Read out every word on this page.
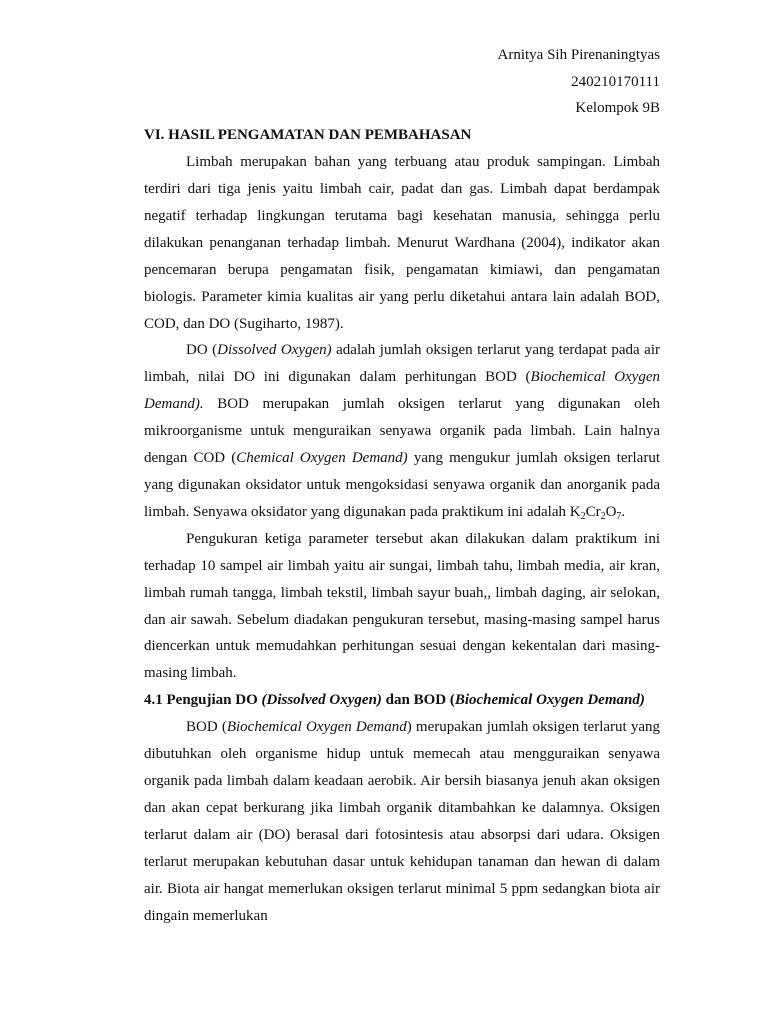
Arnitya Sih Pirenaningtyas
240210170111
Kelompok 9B
VI. HASIL PENGAMATAN DAN PEMBAHASAN

Limbah merupakan bahan yang terbuang atau produk sampingan. Limbah terdiri dari tiga jenis yaitu limbah cair, padat dan gas. Limbah dapat berdampak negatif terhadap lingkungan terutama bagi kesehatan manusia, sehingga perlu dilakukan penanganan terhadap limbah. Menurut Wardhana (2004), indikator akan pencemaran berupa pengamatan fisik, pengamatan kimiawi, dan pengamatan biologis. Parameter kimia kualitas air yang perlu diketahui antara lain adalah BOD, COD, dan DO (Sugiharto, 1987).

DO (Dissolved Oxygen) adalah jumlah oksigen terlarut yang terdapat pada air limbah, nilai DO ini digunakan dalam perhitungan BOD (Biochemical Oxygen Demand). BOD merupakan jumlah oksigen terlarut yang digunakan oleh mikroorganisme untuk menguraikan senyawa organik pada limbah. Lain halnya dengan COD (Chemical Oxygen Demand) yang mengukur jumlah oksigen terlarut yang digunakan oksidator untuk mengoksidasi senyawa organik dan anorganik pada limbah. Senyawa oksidator yang digunakan pada praktikum ini adalah $K_2Cr_2O_7$.

Pengukuran ketiga parameter tersebut akan dilakukan dalam praktikum ini terhadap 10 sampel air limbah yaitu air sungai, limbah tahu, limbah media, air kran, limbah rumah tangga, limbah tekstil, limbah sayur buah,, limbah daging, air selokan, dan air sawah. Sebelum diadakan pengukuran tersebut, masing-masing sampel harus diencerkan untuk memudahkan perhitungan sesuai dengan kekentalan dari masing-masing limbah.

4.1 Pengujian DO (Dissolved Oxygen) dan BOD (Biochemical Oxygen Demand)

BOD (Biochemical Oxygen Demand) merupakan jumlah oksigen terlarut yang dibutuhkan oleh organisme hidup untuk memecah atau mengguraikan senyawa organik pada limbah dalam keadaan aerobik. Air bersih biasanya jenuh akan oksigen dan akan cepat berkurang jika limbah organik ditambahkan ke dalamnya. Oksigen terlarut dalam air (DO) berasal dari fotosintesis atau absorpsi dari udara. Oksigen terlarut merupakan kebutuhan dasar untuk kehidupan tanaman dan hewan di dalam air. Biota air hangat memerlukan oksigen terlarut minimal 5 ppm sedangkan biota air dingain memerlukan
